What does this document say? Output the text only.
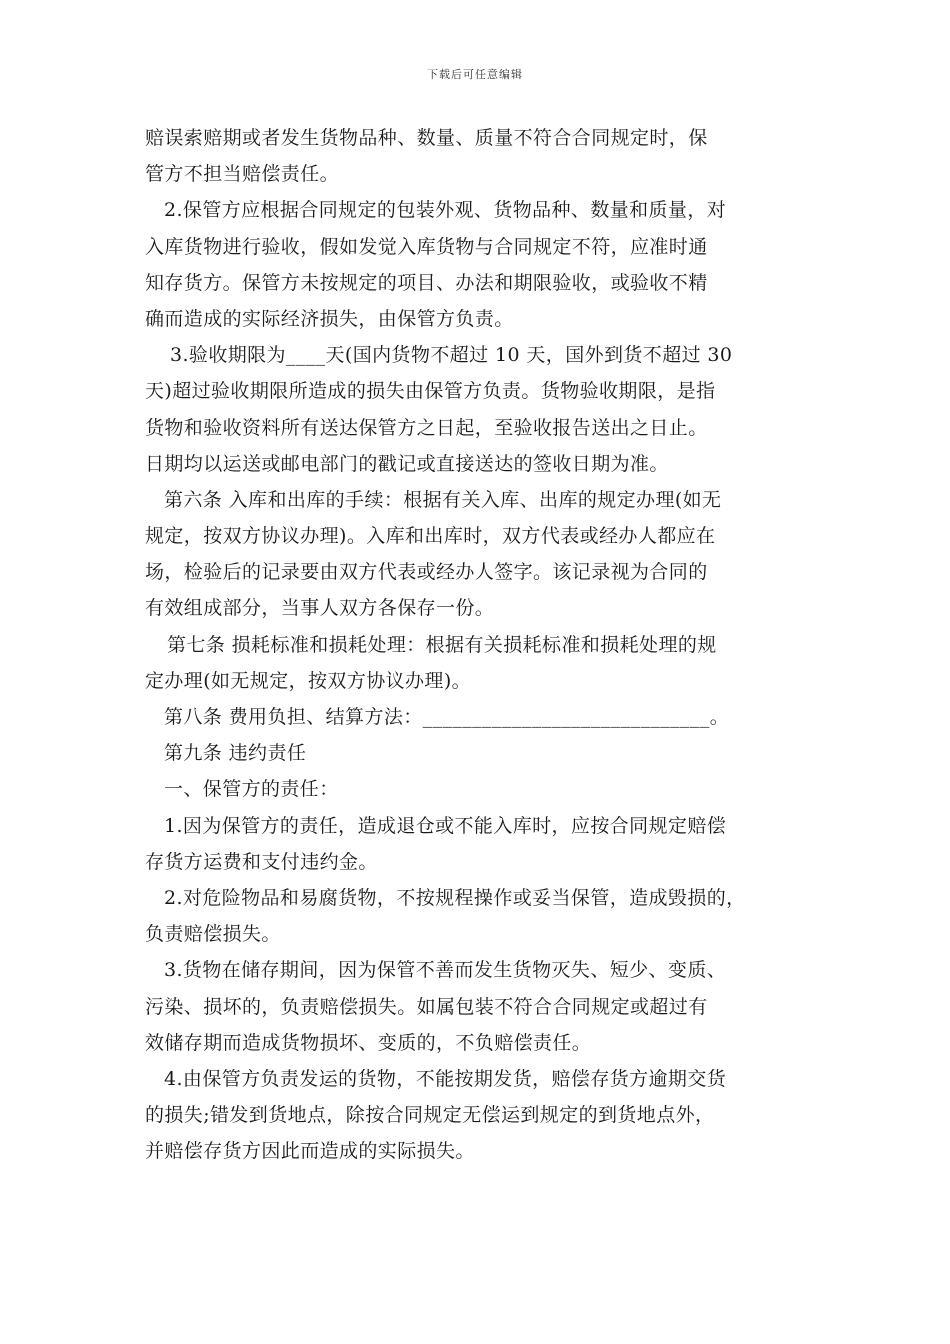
下载后可任意编辑
赔误索赔期或者发生货物品种、数量、质量不符合合同规定时，保
管方不担当赔偿责任。
2.保管方应根据合同规定的包装外观、货物品种、数量和质量，对
入库货物进行验收，假如发觉入库货物与合同规定不符，应准时通
知存货方。保管方未按规定的项目、办法和期限验收，或验收不精
确而造成的实际经济损失，由保管方负责。
3.验收期限为____天(国内货物不超过 10 天，国外到货不超过 30
天)超过验收期限所造成的损失由保管方负责。货物验收期限，是指
货物和验收资料所有送达保管方之日起，至验收报告送出之日止。
日期均以运送或邮电部门的戳记或直接送达的签收日期为准。
第六条 入库和出库的手续：根据有关入库、出库的规定办理(如无
规定，按双方协议办理)。入库和出库时，双方代表或经办人都应在
场，检验后的记录要由双方代表或经办人签字。该记录视为合同的
有效组成部分，当事人双方各保存一份。
第七条 损耗标准和损耗处理：根据有关损耗标准和损耗处理的规
定办理(如无规定，按双方协议办理)。
第八条 费用负担、结算方法：_____________________________。
第九条 违约责任
一、保管方的责任：
1.因为保管方的责任，造成退仓或不能入库时，应按合同规定赔偿
存货方运费和支付违约金。
2.对危险物品和易腐货物，不按规程操作或妥当保管，造成毁损的，
负责赔偿损失。
3.货物在储存期间，因为保管不善而发生货物灭失、短少、变质、
污染、损坏的，负责赔偿损失。如属包装不符合合同规定或超过有
效储存期而造成货物损坏、变质的，不负赔偿责任。
4.由保管方负责发运的货物，不能按期发货，赔偿存货方逾期交货
的损失;错发到货地点，除按合同规定无偿运到规定的到货地点外，
并赔偿存货方因此而造成的实际损失。
